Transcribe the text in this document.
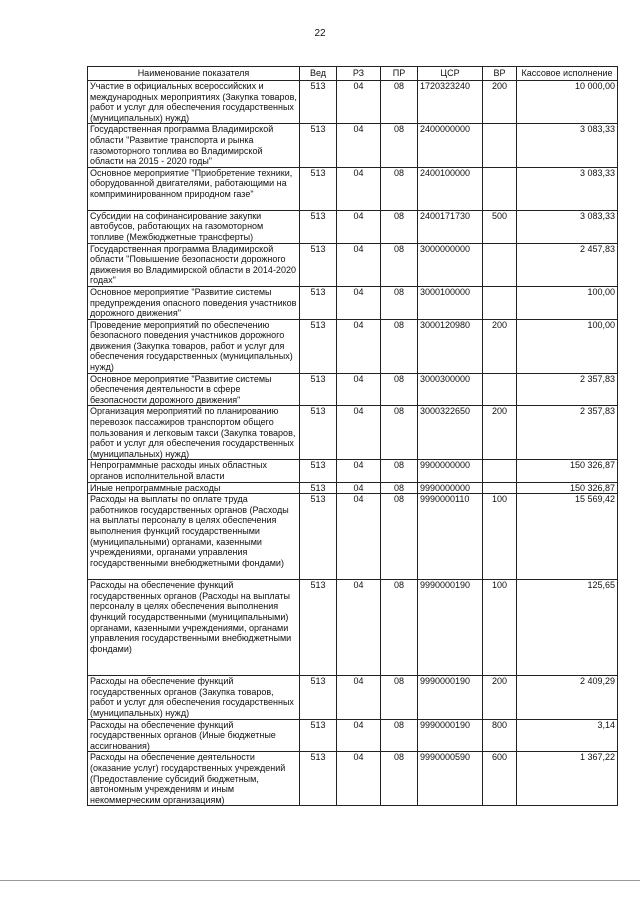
22
Наименование показателя	Вед	РЗ	ПР	ЦСР	ВР	Кассовое исполнение
Участие в официальных всероссийских и международных мероприятиях (Закупка товаров, работ и услуг для обеспечения государственных (муниципальных) нужд)	513	04	08	1720323240	200	10 000,00
Государственная программа Владимирской области "Развитие транспорта и рынка газомоторного топлива во Владимирской области на 2015 - 2020 годы"	513	04	08	2400000000		3 083,33
Основное мероприятие "Приобретение техники, оборудованной двигателями, работающими на комприминированном природном газе"	513	04	08	2400100000		3 083,33
Субсидии на софинансирование закупки автобусов, работающих на газомоторном топливе (Межбюджетные трансферты)	513	04	08	2400171730	500	3 083,33
Государственная программа Владимирской области "Повышение безопасности дорожного движения во Владимирской области в 2014-2020 годах"	513	04	08	3000000000		2 457,83
Основное мероприятие "Развитие системы предупреждения опасного поведения участников дорожного движения"	513	04	08	3000100000		100,00
Проведение мероприятий по обеспечению безопасного поведения участников дорожного движения (Закупка товаров, работ и услуг для обеспечения государственных (муниципальных) нужд)	513	04	08	3000120980	200	100,00
Основное мероприятие "Развитие системы обеспечения деятельности в сфере безопасности дорожного движения"	513	04	08	3000300000		2 357,83
Организация мероприятий по планированию перевозок пассажиров транспортом общего пользования и легковым такси (Закупка товаров, работ и услуг для обеспечения государственных (муниципальных) нужд)	513	04	08	3000322650	200	2 357,83
Непрограммные расходы иных областных органов исполнительной власти	513	04	08	9900000000		150 326,87
Иные непрограммные расходы	513	04	08	9990000000		150 326,87
Расходы на выплаты по оплате труда работников государственных органов (Расходы на выплаты персоналу в целях обеспечения выполнения функций государственными (муниципальными) органами, казенными учреждениями, органами управления государственными внебюджетными фондами)	513	04	08	9990000110	100	15 569,42
Расходы на обеспечение функций государственных органов (Расходы на выплаты персоналу в целях обеспечения выполнения функций государственными (муниципальными) органами, казенными учреждениями, органами управления государственными внебюджетными фондами)	513	04	08	9990000190	100	125,65
Расходы на обеспечение функций государственных органов (Закупка товаров, работ и услуг для обеспечения государственных (муниципальных) нужд)	513	04	08	9990000190	200	2 409,29
Расходы на обеспечение функций государственных органов (Иные бюджетные ассигнования)	513	04	08	9990000190	800	3,14
Расходы на обеспечение деятельности (оказание услуг) государственных учреждений (Предоставление субсидий бюджетным, автономным учреждениям и иным некоммерческим организациям)	513	04	08	9990000590	600	1 367,22
